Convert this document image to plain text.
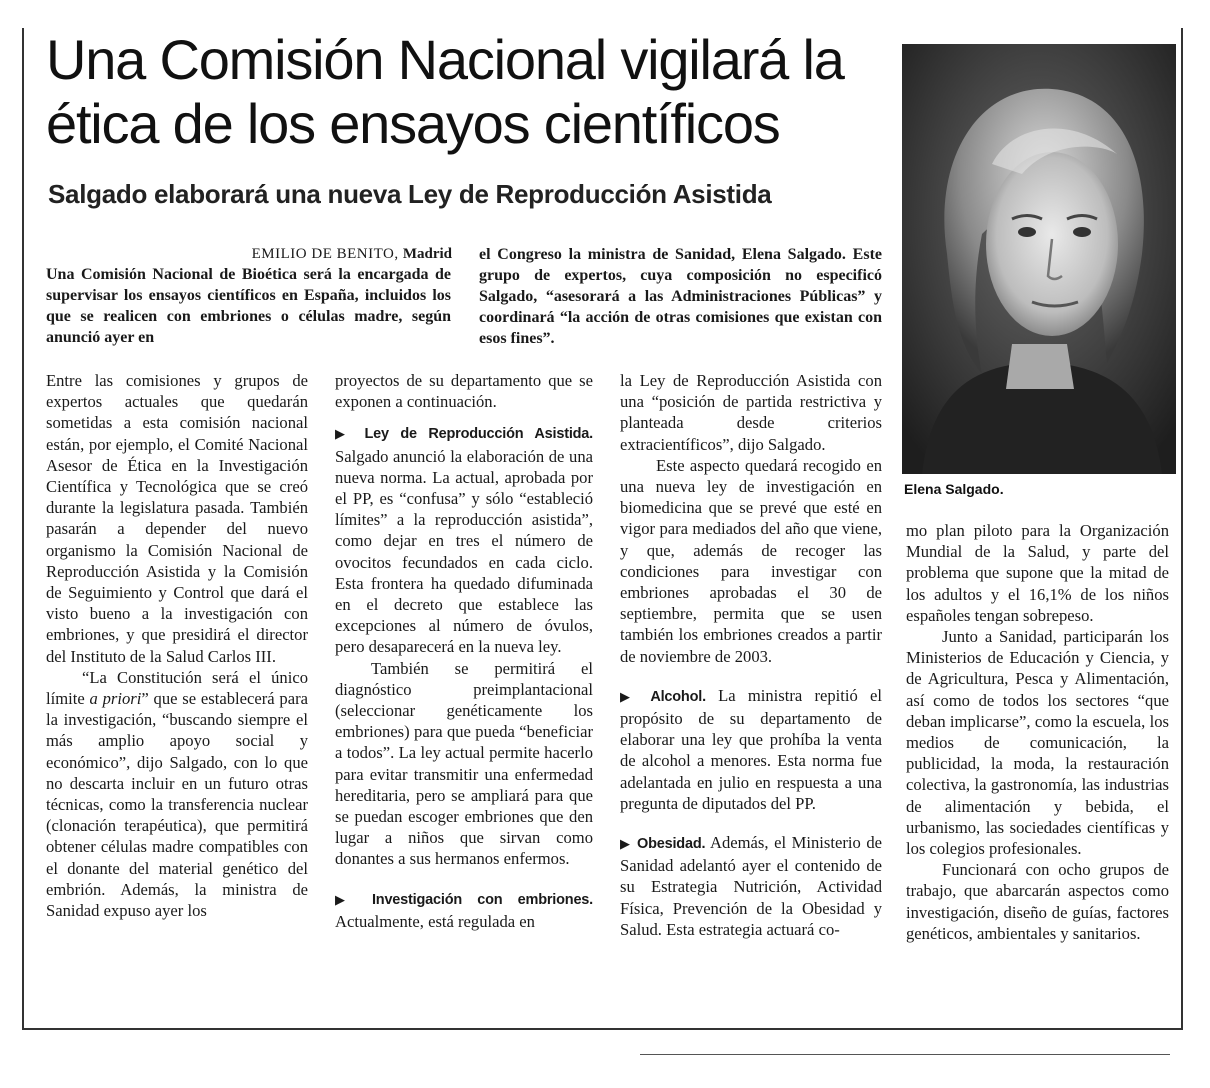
Una Comisión Nacional vigilará la ética de los ensayos científicos
Salgado elaborará una nueva Ley de Reproducción Asistida
Elena Salgado.
EMILIO DE BENITO, Madrid
Una Comisión Nacional de Bioética será la encargada de supervisar los ensayos científicos en España, incluidos los que se realicen con embriones o células madre, según anunció ayer en
el Congreso la ministra de Sanidad, Elena Salgado. Este grupo de expertos, cuya composición no especificó Salgado, “asesorará a las Administraciones Públicas” y coordinará “la acción de otras comisiones que existan con esos fines”.

Entre las comisiones y grupos de expertos actuales que quedarán sometidas a esta comisión nacional están, por ejemplo, el Comité Nacional Asesor de Ética en la Investigación Científica y Tecnológica que se creó durante la legislatura pasada. También pasarán a depender del nuevo organismo la Comisión Nacional de Reproducción Asistida y la Comisión de Seguimiento y Control que dará el visto bueno a la investigación con embriones, y que presidirá el director del Instituto de la Salud Carlos III.

“La Constitución será el único límite a priori” que se establecerá para la investigación, “buscando siempre el más amplio apoyo social y económico”, dijo Salgado, con lo que no descarta incluir en un futuro otras técnicas, como la transferencia nuclear (clonación terapéutica), que permitirá obtener células madre compatibles con el donante del material genético del embrión. Además, la ministra de Sanidad expuso ayer los

proyectos de su departamento que se exponen a continuación.

▶ Ley de Reproducción Asistida. Salgado anunció la elaboración de una nueva norma. La actual, aprobada por el PP, es “confusa” y sólo “estableció límites” a la reproducción asistida”, como dejar en tres el número de ovocitos fecundados en cada ciclo. Esta frontera ha quedado difuminada en el decreto que establece las excepciones al número de óvulos, pero desaparecerá en la nueva ley.

También se permitirá el diagnóstico preimplantacional (seleccionar genéticamente los embriones) para que pueda “beneficiar a todos”. La ley actual permite hacerlo para evitar transmitir una enfermedad hereditaria, pero se ampliará para que se puedan escoger embriones que den lugar a niños que sirvan como donantes a sus hermanos enfermos.

▶ Investigación con embriones. Actualmente, está regulada en

la Ley de Reproducción Asistida con una “posición de partida restrictiva y planteada desde criterios extracientíficos”, dijo Salgado.

Este aspecto quedará recogido en una nueva ley de investigación en biomedicina que se prevé que esté en vigor para mediados del año que viene, y que, además de recoger las condiciones para investigar con embriones aprobadas el 30 de septiembre, permita que se usen también los embriones creados a partir de noviembre de 2003.

▶ Alcohol. La ministra repitió el propósito de su departamento de elaborar una ley que prohíba la venta de alcohol a menores. Esta norma fue adelantada en julio en respuesta a una pregunta de diputados del PP.

▶ Obesidad. Además, el Ministerio de Sanidad adelantó ayer el contenido de su Estrategia Nutrición, Actividad Física, Prevención de la Obesidad y Salud. Esta estrategia actuará co-

mo plan piloto para la Organización Mundial de la Salud, y parte del problema que supone que la mitad de los adultos y el 16,1% de los niños españoles tengan sobrepeso.

Junto a Sanidad, participarán los Ministerios de Educación y Ciencia, y de Agricultura, Pesca y Alimentación, así como de todos los sectores “que deban implicarse”, como la escuela, los medios de comunicación, la publicidad, la moda, la restauración colectiva, la gastronomía, las industrias de alimentación y bebida, el urbanismo, las sociedades científicas y los colegios profesionales.

Funcionará con ocho grupos de trabajo, que abarcarán aspectos como investigación, diseño de guías, factores genéticos, ambientales y sanitarios.
